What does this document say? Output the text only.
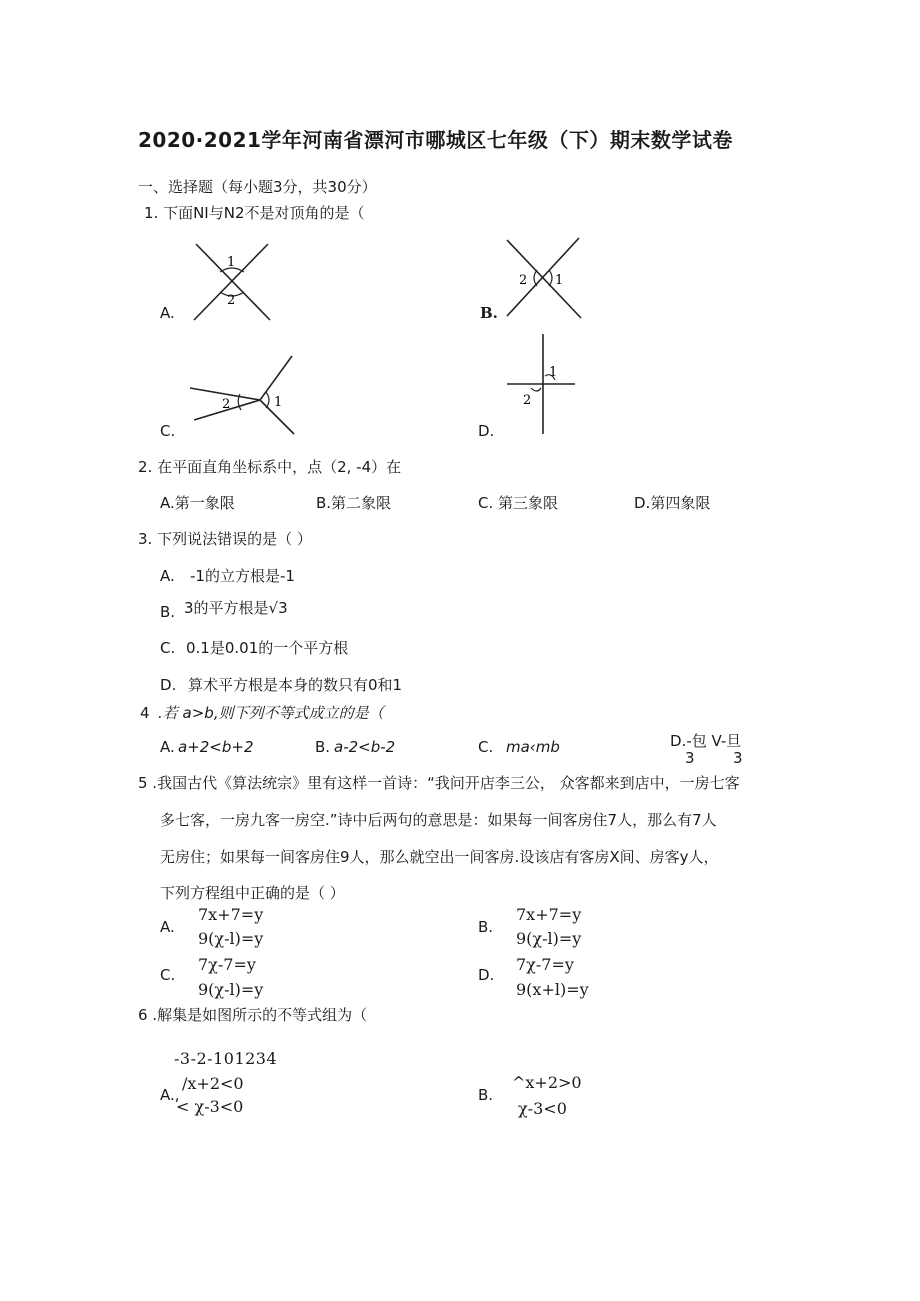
2020·2021学年河南省漂河市哪城区七年级（下）期末数学试卷
一、选择题（每小题3分，共30分）
1. 下面NI与N2不是对顶角的是（
A.
1
2
B.
2 1
C.
2	1
D.
1
2
2. 在平面直角坐标系中，点（2, -4）在
A.第一象限	B.第二象限	C. 第三象限	D.第四象限
3. 下列说法错误的是（ ）
A. -1的立方根是-1
B. 3的平方根是√3
C. 0.1是0.01的一个平方根
D. 算术平方根是本身的数只有0和1
4 .若 a>b,则下列不等式成立的是（
A. a+2<b+2	B. a-2<b-2	C. ma‹mb	D.-包 V-旦
3	3
5 .我国古代《算法统宗》里有这样一首诗：“我问开店李三公， 众客都来到店中，一房七客
多七客，一房九客一房空.”诗中后两句的意思是：如果每一间客房住7人，那么有7人
无房住；如果每一间客房住9人，那么就空出一间客房.设该店有客房X间、房客y人，
下列方程组中正确的是（ ）
A.
7x+7=y
9(χ-l)=y
B.
7x+7=y
9(χ-l)=y
C.
7χ-7=y
9(χ-l)=y
D.
7χ-7=y
9(x+l)=y
6 .解集是如图所示的不等式组为（
-3-2-101234
A.,
/x+2<0
< χ-3<0
B.
^x+2>0
χ-3<0
